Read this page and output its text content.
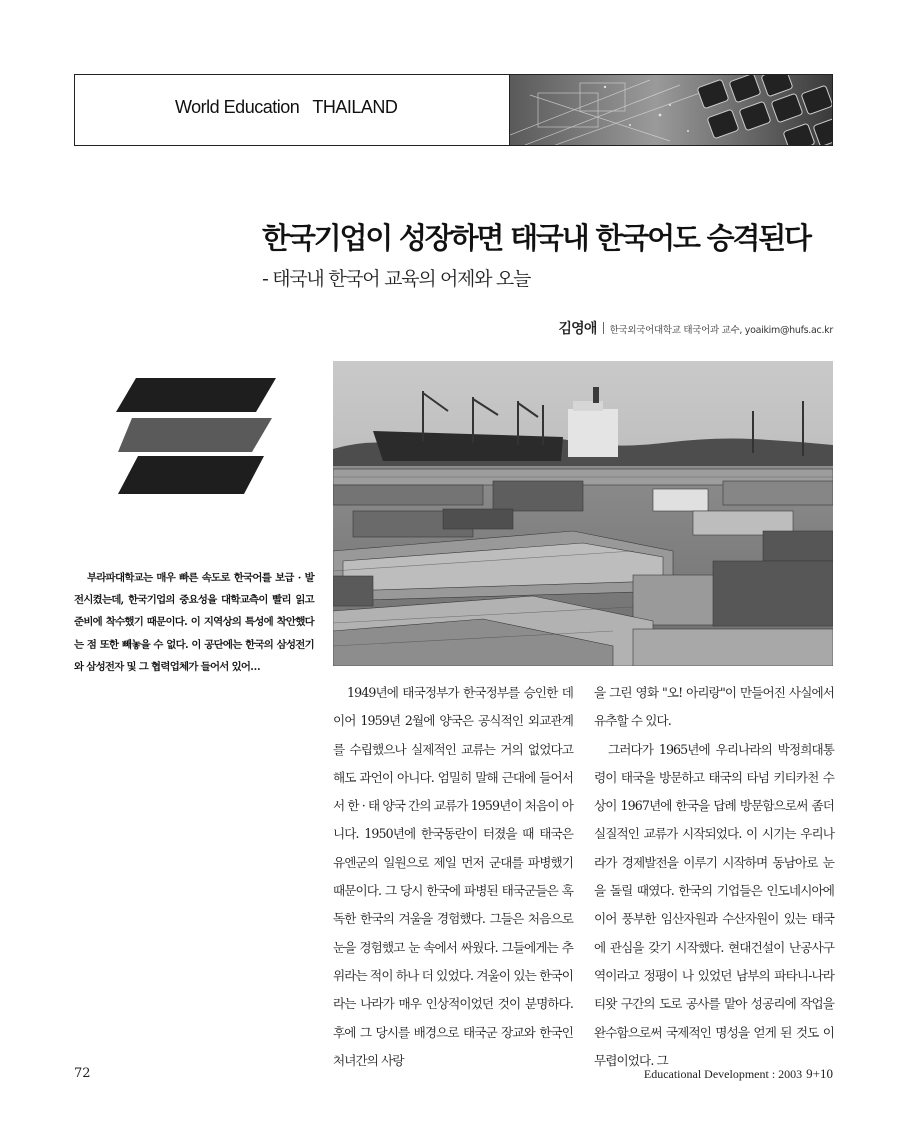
World Education   THAILAND
한국기업이 성장하면 태국내 한국어도 승격된다
- 태국내 한국어 교육의 어제와 오늘
김영애 한국외국어대학교 태국어과 교수, yoaikim@hufs.ac.kr
부라파대학교는 매우 빠른 속도로 한국어를 보급 · 발전시켰는데, 한국기업의 중요성을 대학교측이 빨리 읽고 준비에 착수했기 때문이다. 이 지역상의 특성에 착안했다는 점 또한 빼놓을 수 없다. 이 공단에는 한국의 삼성전기와 삼성전자 및 그 협력업체가 들어서 있어…

1949년에 태국정부가 한국정부를 승인한 데 이어 1959년 2월에 양국은 공식적인 외교관계를 수립했으나 실제적인 교류는 거의 없었다고 해도 과언이 아니다. 엄밀히 말해 근대에 들어서서 한 · 태 양국 간의 교류가 1959년이 처음이 아니다. 1950년에 한국동란이 터졌을 때 태국은 유엔군의 일원으로 제일 먼저 군대를 파병했기 때문이다. 그 당시 한국에 파병된 태국군들은 혹독한 한국의 겨울을 경험했다. 그들은 처음으로 눈을 경험했고 눈 속에서 싸웠다. 그들에게는 추위라는 적이 하나 더 있었다. 겨울이 있는 한국이라는 나라가 매우 인상적이었던 것이 분명하다. 후에 그 당시를 배경으로 태국군 장교와 한국인 처녀간의 사랑

을 그린 영화 "오! 아리랑"이 만들어진 사실에서 유추할 수 있다.

그러다가 1965년에 우리나라의 박정희대통령이 태국을 방문하고 태국의 타넘 키티카천 수상이 1967년에 한국을 답례 방문함으로써 좀더 실질적인 교류가 시작되었다. 이 시기는 우리나라가 경제발전을 이루기 시작하며 동남아로 눈을 돌릴 때였다. 한국의 기업들은 인도네시아에 이어 풍부한 임산자원과 수산자원이 있는 태국에 관심을 갖기 시작했다. 현대건설이 난공사구역이라고 정평이 나 있었던 남부의 파타니-나라티왓 구간의 도로 공사를 맡아 성공리에 작업을 완수함으로써 국제적인 명성을 얻게 된 것도 이 무렵이었다. 그

72	Educational Development : 2003 9+10
